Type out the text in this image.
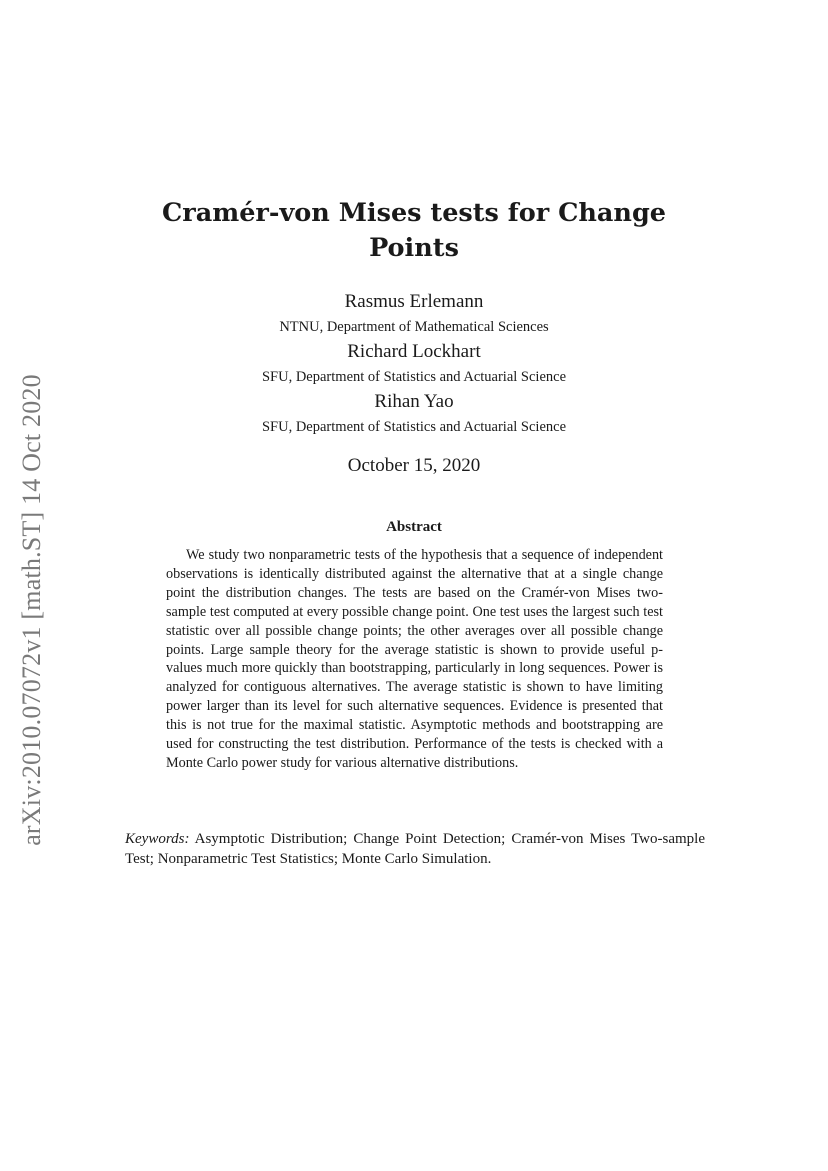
arXiv:2010.07072v1 [math.ST] 14 Oct 2020
Cramér-von Mises tests for Change Points

Rasmus Erlemann

NTNU, Department of Mathematical Sciences

Richard Lockhart

SFU, Department of Statistics and Actuarial Science

Rihan Yao

SFU, Department of Statistics and Actuarial Science

October 15, 2020
Abstract

We study two nonparametric tests of the hypothesis that a sequence of independent observations is identically distributed against the alternative that at a single change point the distribution changes. The tests are based on the Cramér-von Mises two-sample test computed at every possible change point. One test uses the largest such test statistic over all possible change points; the other averages over all possible change points. Large sample theory for the average statistic is shown to provide useful p-values much more quickly than bootstrapping, particularly in long sequences. Power is analyzed for contiguous alternatives. The average statistic is shown to have limiting power larger than its level for such alternative sequences. Evidence is presented that this is not true for the maximal statistic. Asymptotic methods and bootstrapping are used for constructing the test distribution. Performance of the tests is checked with a Monte Carlo power study for various alternative distributions.

Keywords: Asymptotic Distribution; Change Point Detection; Cramér-von Mises Two-sample Test; Nonparametric Test Statistics; Monte Carlo Simulation.
